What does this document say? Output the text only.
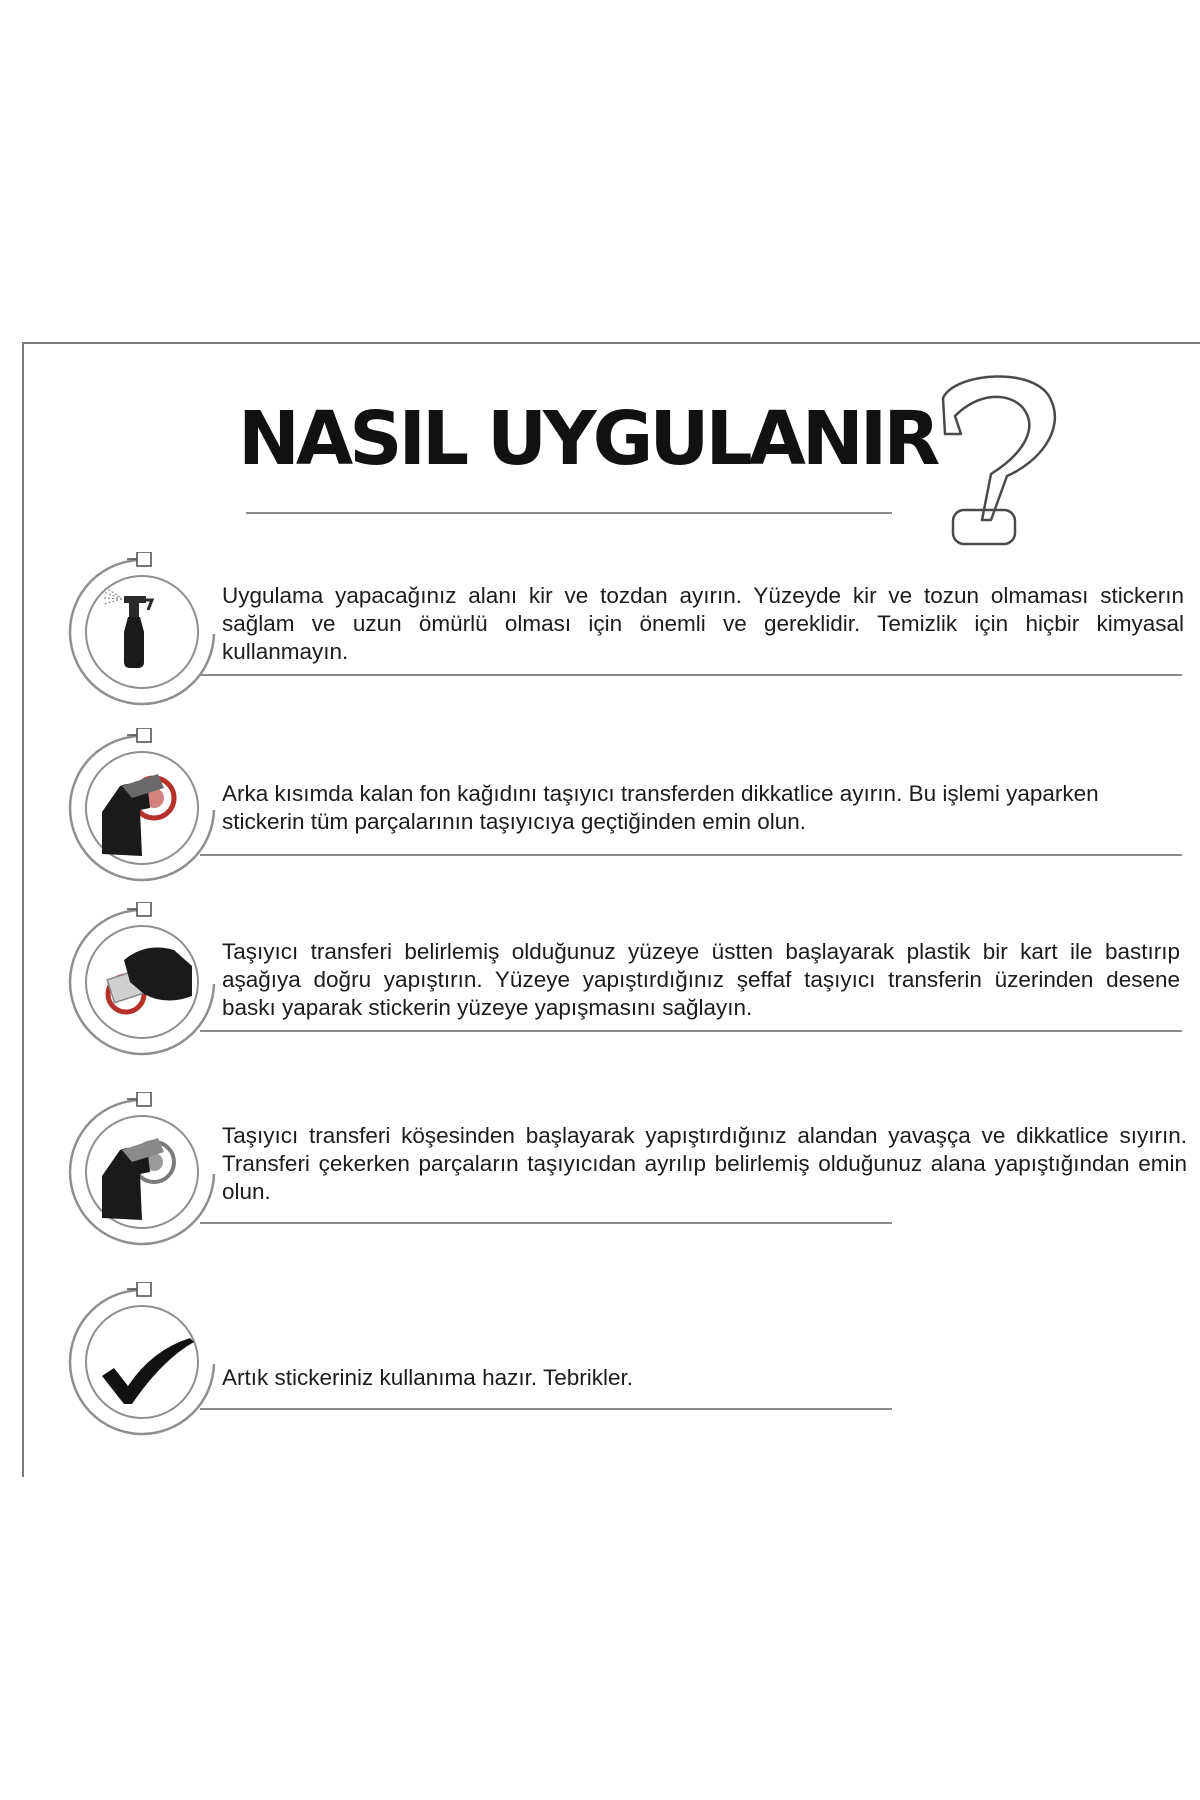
NASIL UYGULANIR

Uygulama yapacağınız alanı kir ve tozdan ayırın. Yüzeyde kir ve tozun olmaması stickerın sağlam ve uzun ömürlü olması için önemli ve gereklidir. Temizlik için hiçbir kimyasal kullanmayın.

Arka kısımda kalan fon kağıdını taşıyıcı transferden dikkatlice ayırın. Bu işlemi yaparken stickerin tüm parçalarının taşıyıcıya geçtiğinden emin olun.

Taşıyıcı transferi belirlemiş olduğunuz yüzeye üstten başlayarak plastik bir kart ile bastırıp aşağıya doğru yapıştırın. Yüzeye yapıştırdığınız şeffaf taşıyıcı transferin üzerinden desene baskı yaparak stickerin yüzeye yapışmasını sağlayın.

Taşıyıcı transferi köşesinden başlayarak yapıştırdığınız alandan yavaşça ve dikkatlice sıyırın. Transferi çekerken parçaların taşıyıcıdan ayrılıp belirlemiş olduğunuz alana yapıştığından emin olun.

Artık stickeriniz kullanıma hazır. Tebrikler.
